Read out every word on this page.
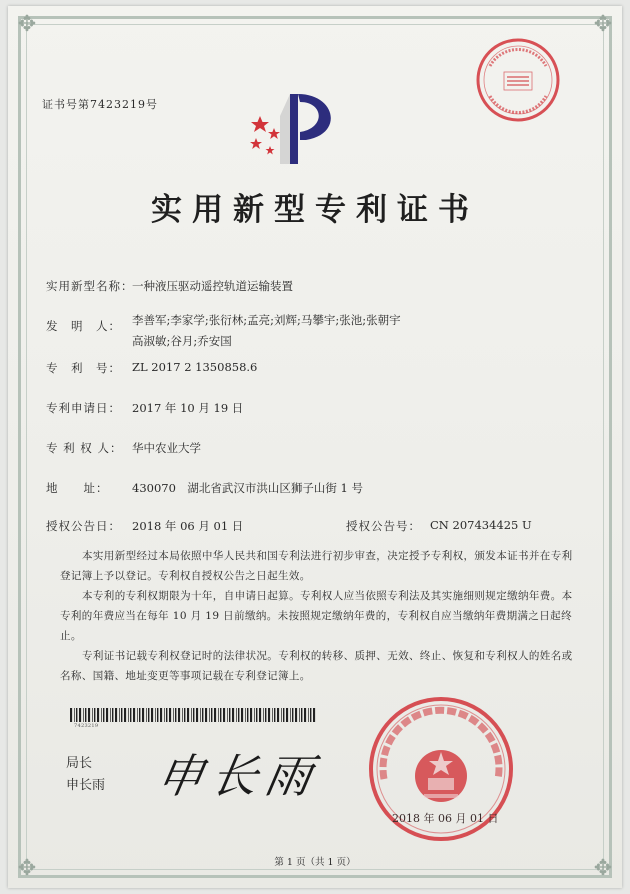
✥	✥
✥	✥
证书号第7423219号
实用新型专利证书
实用新型名称：
一种液压驱动遥控轨道运输装置
发　明　人： 李善军;李家学;张衍林;孟亮;刘辉;马攀宇;张池;张朝宇
高淑敏;谷月;乔安国
专　利　号： ZL 2017 2 1350858.6
专利申请日： 2017 年 10 月 19 日
专 利 权 人： 华中农业大学
地　　址： 430070　湖北省武汉市洪山区狮子山街 1 号
授权公告日： 2018 年 06 月 01 日	授权公告号： CN 207434425 U
本实用新型经过本局依照中华人民共和国专利法进行初步审查，决定授予专利权，颁发本证书并在专利登记簿上予以登记。专利权自授权公告之日起生效。
本专利的专利权期限为十年，自申请日起算。专利权人应当依照专利法及其实施细则规定缴纳年费。本专利的年费应当在每年 10 月 19 日前缴纳。未按照规定缴纳年费的，专利权自应当缴纳年费期满之日起终止。
专利证书记载专利权登记时的法律状况。专利权的转移、质押、无效、终止、恢复和专利权人的姓名或名称、国籍、地址变更等事项记载在专利登记簿上。
7423219
局长
申长雨 申长雨
2018 年 06 月 01 日
第 1 页（共 1 页）
